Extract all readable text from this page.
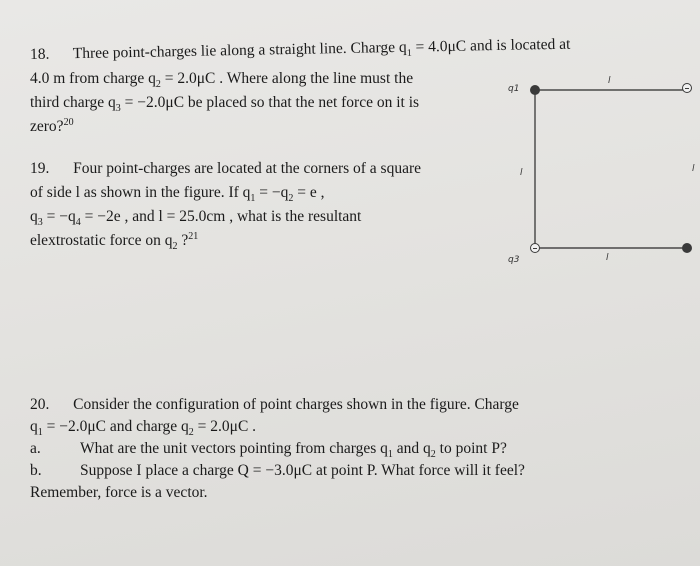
18. Three point-charges lie along a straight line. Charge $q_1 = 4.0\mu C$ and is located at
4.0 m from charge $q_2 = 2.0\mu C$ . Where along the line must the
third charge $q_3 = -2.0\mu C$ be placed so that the net force on it is
zero?$^{20}$
19. Four point-charges are located at the corners of a square
of side l as shown in the figure. If $q_1 = -q_2 = e$ ,
$q_3 = -q_4 = -2e$ , and l = 25.0cm , what is the resultant
elextrostatic force on $q_2$ ?$^{21}$
q1
q3
l
l
l
l
20. Consider the configuration of point charges shown in the figure. Charge
$q_1 = -2.0\mu C$ and charge $q_2 = 2.0\mu C$ .
a.	What are the unit vectors pointing from charges $q_1$ and $q_2$ to point P?
b. Suppose I place a charge Q = −3.0μC at point P. What force will it feel?
Remember, force is a vector.
